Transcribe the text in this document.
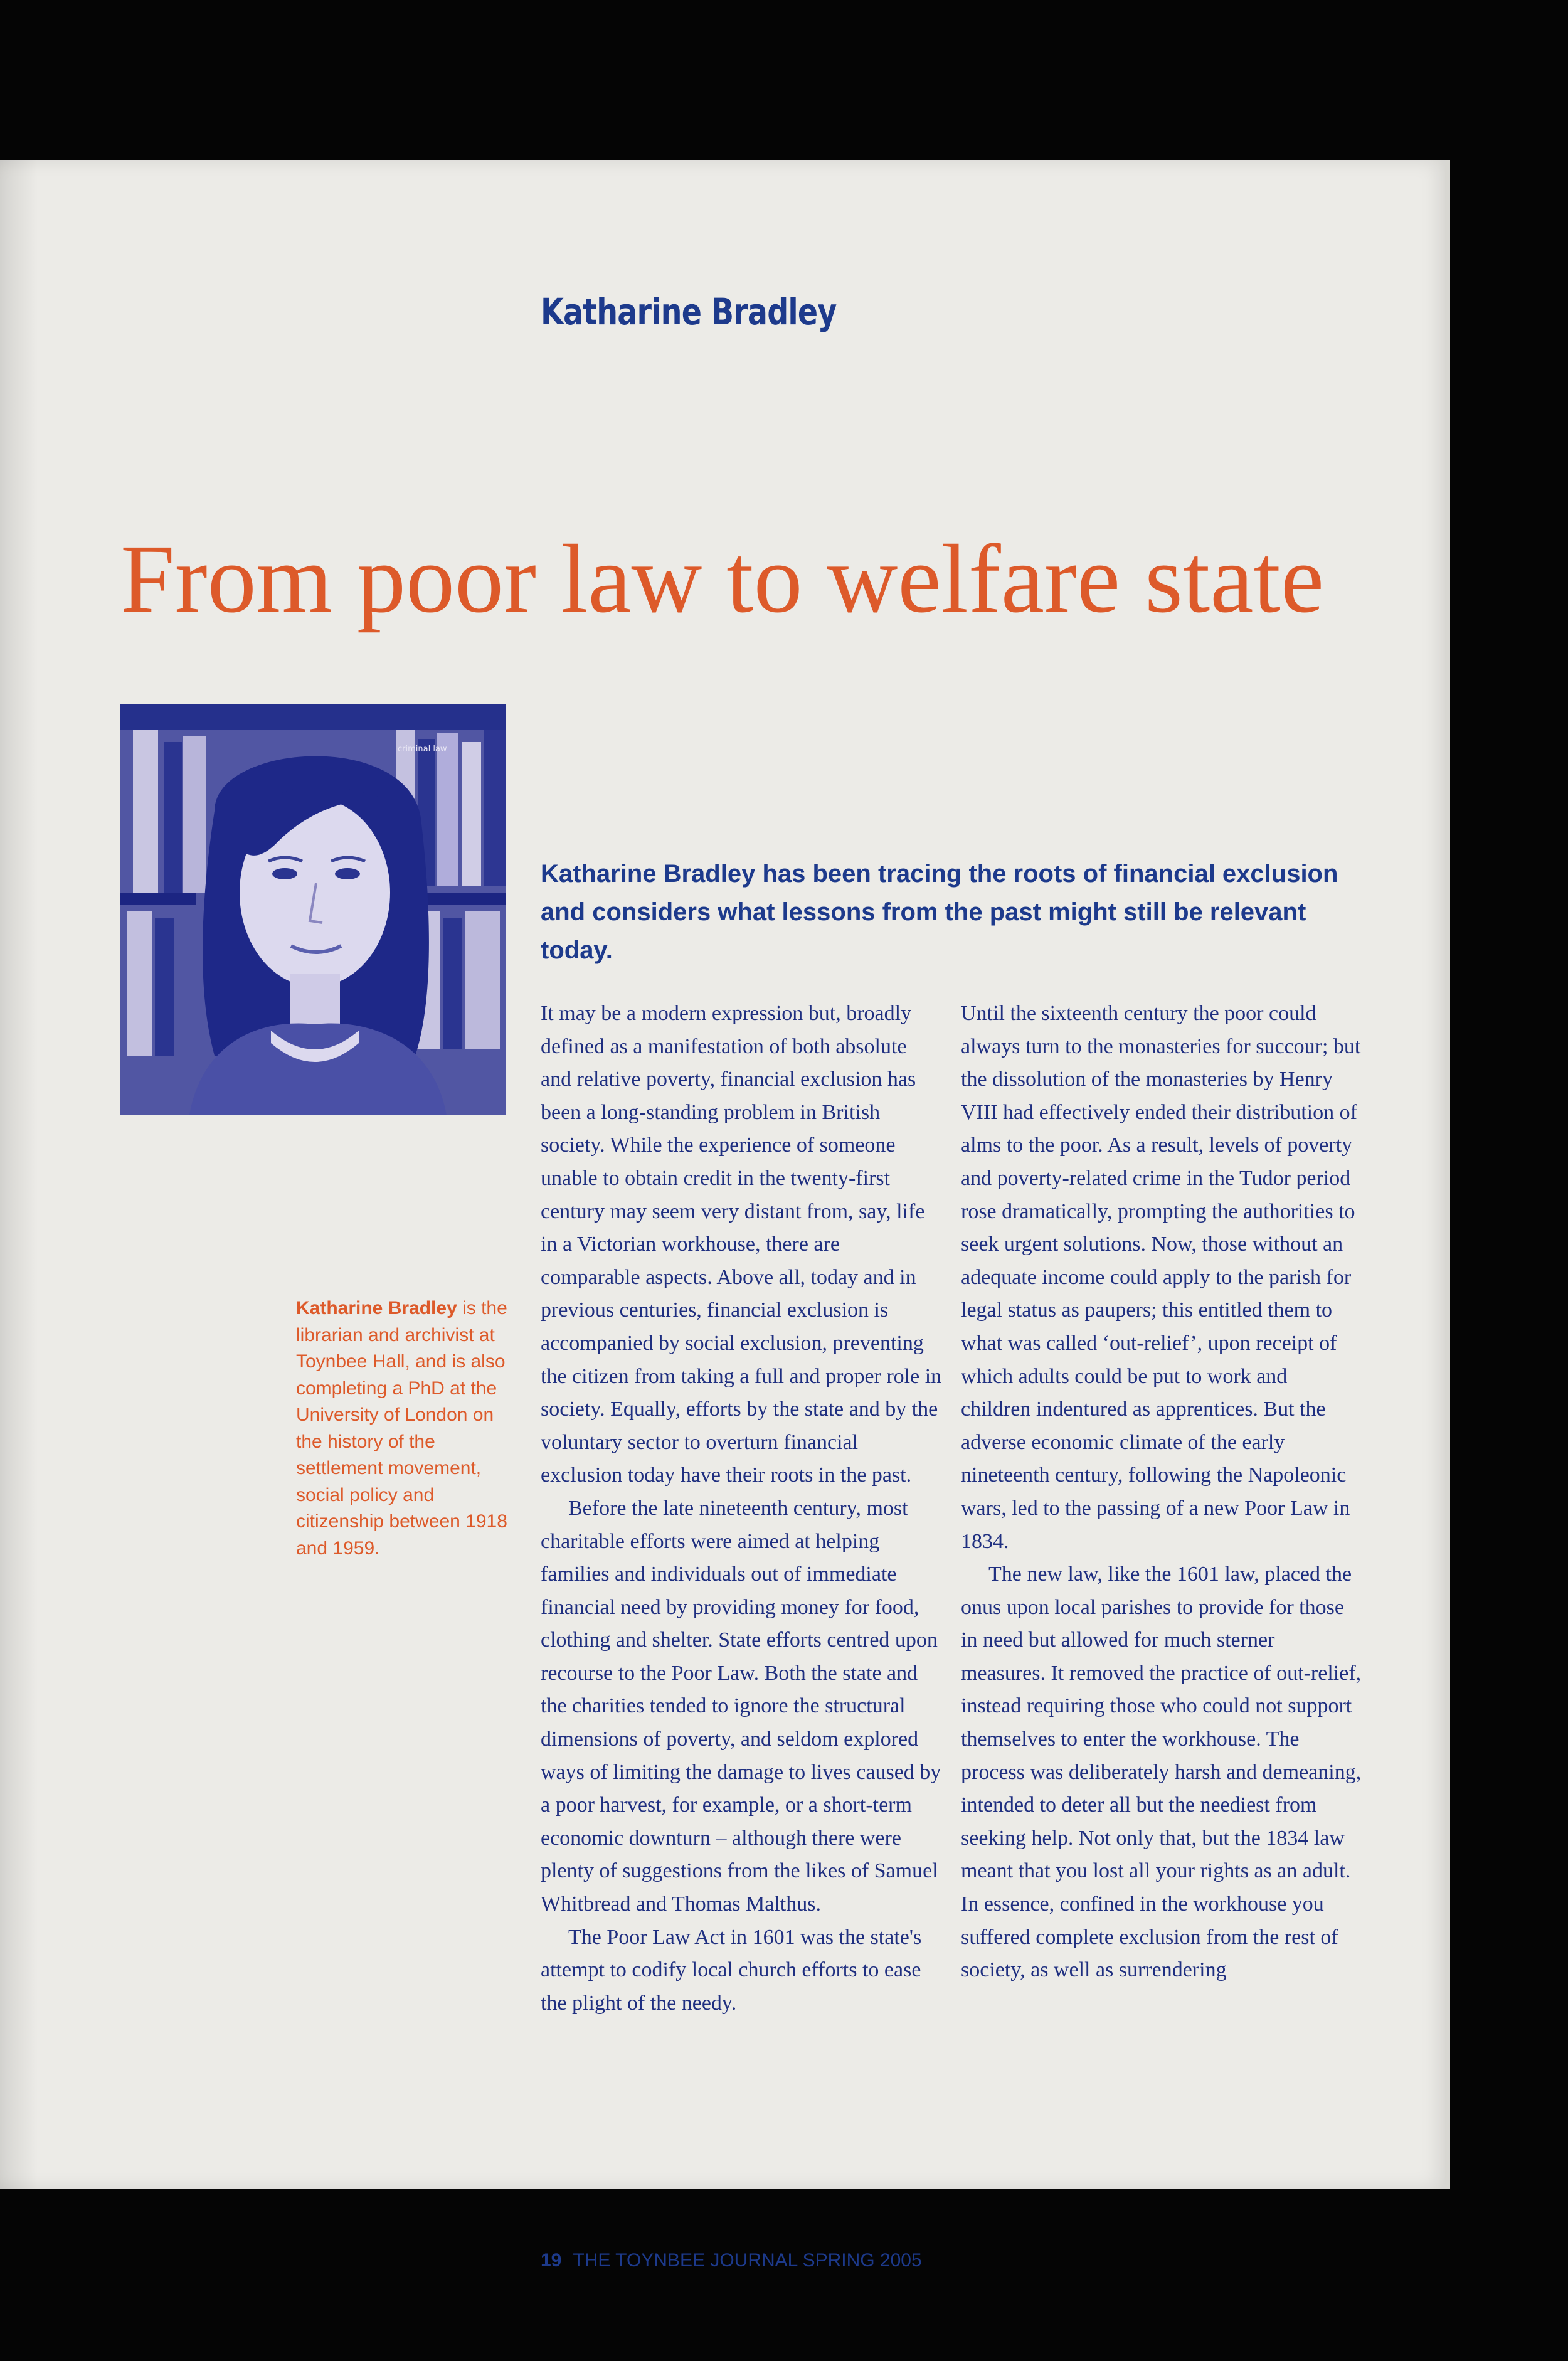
Katharine Bradley
From poor law to welfare state
criminal law
Katharine Bradley is the librarian and archivist at Toynbee Hall, and is also completing a PhD at the University of London on the history of the settlement movement, social policy and citizenship between 1918 and 1959.

Katharine Bradley has been tracing the roots of financial exclusion and considers what lessons from the past might still be relevant today.

It may be a modern expression but, broadly defined as a manifestation of both absolute and relative poverty, financial exclusion has been a long-standing problem in British society. While the experience of someone unable to obtain credit in the twenty-first century may seem very distant from, say, life in a Victorian workhouse, there are comparable aspects. Above all, today and in previous centuries, financial exclusion is accompanied by social exclusion, preventing the citizen from taking a full and proper role in society. Equally, efforts by the state and by the voluntary sector to overturn financial exclusion today have their roots in the past.

Before the late nineteenth century, most charitable efforts were aimed at helping families and individuals out of immediate financial need by providing money for food, clothing and shelter. State efforts centred upon recourse to the Poor Law. Both the state and the charities tended to ignore the structural dimensions of poverty, and seldom explored ways of limiting the damage to lives caused by a poor harvest, for example, or a short-term economic downturn – although there were plenty of suggestions from the likes of Samuel Whitbread and Thomas Malthus.

The Poor Law Act in 1601 was the state's attempt to codify local church efforts to ease the plight of the needy.

Until the sixteenth century the poor could always turn to the monasteries for succour; but the dissolution of the monasteries by Henry VIII had effectively ended their distribution of alms to the poor. As a result, levels of poverty and poverty-related crime in the Tudor period rose dramatically, prompting the authorities to seek urgent solutions. Now, those without an adequate income could apply to the parish for legal status as paupers; this entitled them to what was called ‘out-relief’, upon receipt of which adults could be put to work and children indentured as apprentices. But the adverse economic climate of the early nineteenth century, following the Napoleonic wars, led to the passing of a new Poor Law in 1834.

The new law, like the 1601 law, placed the onus upon local parishes to provide for those in need but allowed for much sterner measures. It removed the practice of out-relief, instead requiring those who could not support themselves to enter the workhouse. The process was deliberately harsh and demeaning, intended to deter all but the neediest from seeking help. Not only that, but the 1834 law meant that you lost all your rights as an adult. In essence, confined in the workhouse you suffered complete exclusion from the rest of society, as well as surrendering

19 THE TOYNBEE JOURNAL SPRING 2005
